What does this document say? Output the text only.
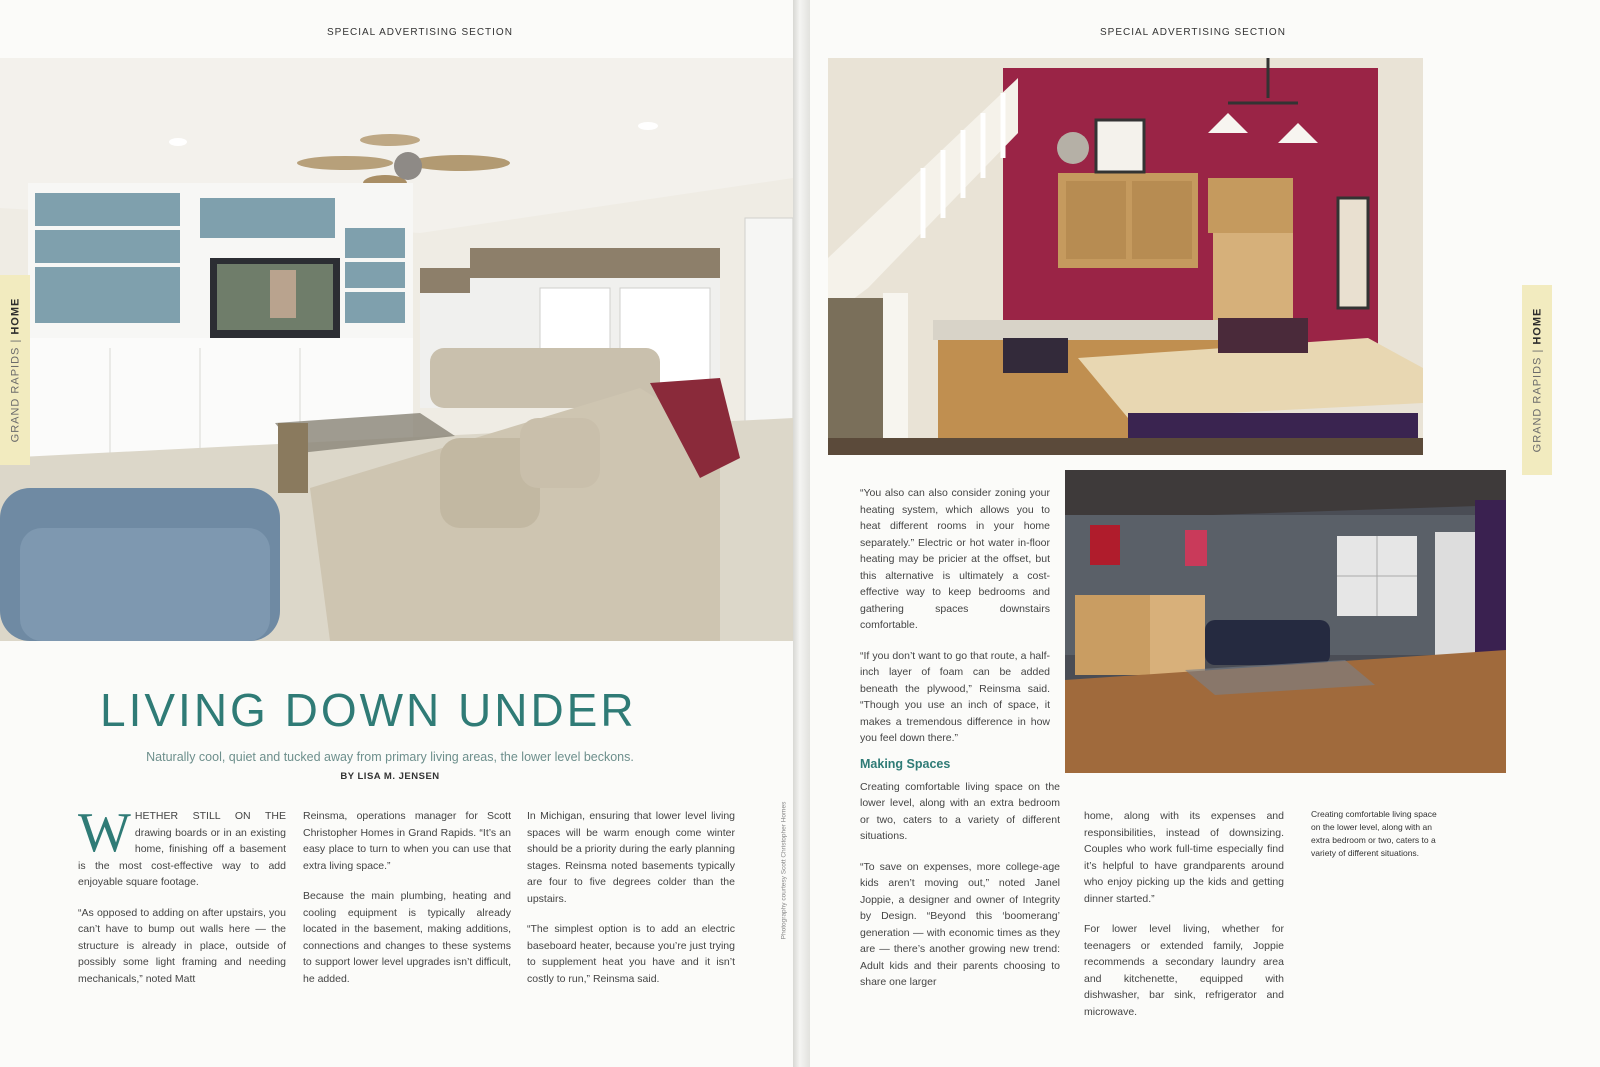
SPECIAL ADVERTISING SECTION
GRAND RAPIDS | HOME
LIVING DOWN UNDER
Naturally cool, quiet and tucked away from primary living areas, the lower level beckons. BY LISA M. JENSEN

WHETHER STILL ON THE drawing boards or in an existing home, finishing off a basement is the most cost-effective way to add enjoyable square footage.

“As opposed to adding on after upstairs, you can’t have to bump out walls here — the structure is already in place, outside of possibly some light framing and needing mechanicals,” noted Matt

Reinsma, operations manager for Scott Christopher Homes in Grand Rapids. “It’s an easy place to turn to when you can use that extra living space.”

Because the main plumbing, heating and cooling equipment is typically already located in the basement, making additions, connections and changes to these systems to support lower level upgrades isn’t difficult, he added.

In Michigan, ensuring that lower level living spaces will be warm enough come winter should be a priority during the early planning stages. Reinsma noted basements typically are four to five degrees colder than the upstairs.

“The simplest option is to add an electric baseboard heater, because you’re just trying to supplement heat you have and it isn’t costly to run,” Reinsma said.

Photography courtesy Scott Christopher Homes
SPECIAL ADVERTISING SECTION
GRAND RAPIDS | HOME

“You also can also consider zoning your heating system, which allows you to heat different rooms in your home separately.” Electric or hot water in-floor heating may be pricier at the offset, but this alternative is ultimately a cost-effective way to keep bedrooms and gathering spaces downstairs comfortable.

“If you don’t want to go that route, a half-inch layer of foam can be added beneath the plywood,” Reinsma said. “Though you use an inch of space, it makes a tremendous difference in how you feel down there.”

Making Spaces

Creating comfortable living space on the lower level, along with an extra bedroom or two, caters to a variety of different situations.

“To save on expenses, more college-age kids aren’t moving out,” noted Janel Joppie, a designer and owner of Integrity by Design. “Beyond this ‘boomerang’ generation — with economic times as they are — there’s another growing new trend: Adult kids and their parents choosing to share one larger

home, along with its expenses and responsibilities, instead of downsizing. Couples who work full-time especially find it’s helpful to have grandparents around who enjoy picking up the kids and getting dinner started.”

For lower level living, whether for teenagers or extended family, Joppie recommends a secondary laundry area and kitchenette, equipped with dishwasher, bar sink, refrigerator and microwave.

Creating comfortable living space on the lower level, along with an extra bedroom or two, caters to a variety of different situations.
